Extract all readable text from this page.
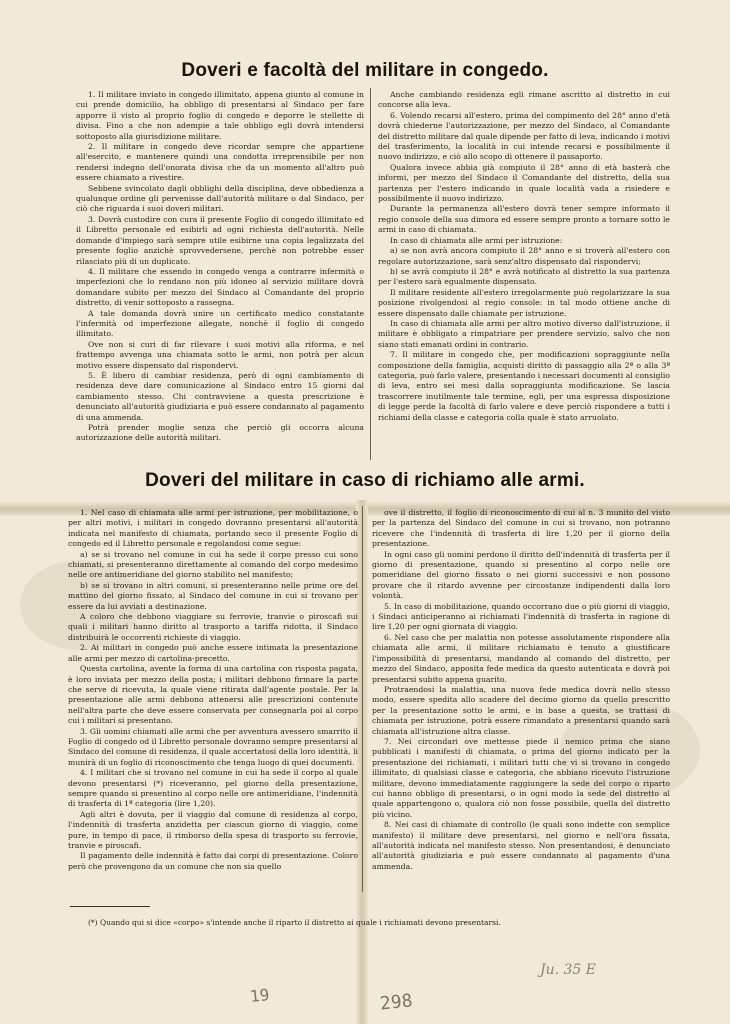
Doveri e facoltà del militare in congedo.

1. Il militare inviato in congedo illimitato, appena giunto al comune in cui prende domicilio, ha obbligo di presentarsi al Sindaco per fare apporre il visto al proprio foglio di congedo e deporre le stellette di divisa. Fino a che non adempie a tale obbligo egli dovrà intendersi sottoposto alla giurisdizione militare.

2. Il militare in congedo deve ricordar sempre che appartiene all'esercito, e mantenere quindi una condotta irreprensibile per non rendersi indegno dell'onorata divisa che da un momento all'altro può essere chiamato a rivestire.

Sebbene svincolato dagli obblighi della disciplina, deve obbedienza a qualunque ordine gli pervenisse dall'autorità militare o dal Sindaco, per ciò che riguarda i suoi doveri militari.

3. Dovrà custodire con cura il presente Foglio di congedo illimitato ed il Libretto personale ed esibirli ad ogni richiesta dell'autorità. Nelle domande d'impiego sarà sempre utile esibirne una copia legalizzata del presente foglio anzichè sprovvedersene, perchè non potrebbe esser rilasciato più di un duplicato.

4. Il militare che essendo in congedo venga a contrarre infermità o imperfezioni che lo rendano non più idoneo al servizio militare dovrà domandare subito per mezzo del Sindaco al Comandante del proprio distretto, di venir sottoposto a rassegna.

A tale domanda dovrà unire un certificato medico constatante l'infermità od imperfezione allegate, nonchè il foglio di congedo illimitato.

Ove non si curi di far rilevare i suoi motivi alla riforma, e nel frattempo avvenga una chiamata sotto le armi, non potrà per alcun motivo essere dispensato dal rispondervi.

5. È libero di cambiar residenza, però di ogni cambiamento di residenza deve dare comunicazione al Sindaco entro 15 giorni dal cambiamento stesso. Chi contravviene a questa prescrizione è denunciato all'autorità giudiziaria e può essere condannato al pagamento di una ammenda.

Potrà prender moglie senza che perciò gli occorra alcuna autorizzazione delle autorità militari.

Anche cambiando residenza egli rimane ascritto al distretto in cui concorse alla leva.

6. Volendo recarsi all'estero, prima del compimento del 28° anno d'età dovrà chiederne l'autorizzazione, per mezzo del Sindaco, al Comandante del distretto militare dal quale dipende per fatto di leva, indicando i motivi del trasferimento, la località in cui intende recarsi e possibilmente il nuovo indirizzo, e ciò allo scopo di ottenere il passaporto.

Qualora invece abbia già compiuto il 28° anno di età basterà che informi, per mezzo del Sindaco il Comandante del distretto, della sua partenza per l'estero indicando in quale località vada a risiedere e possibilmente il nuovo indirizzo.

Durante la permanenza all'estero dovrà tener sempre informato il regio console della sua dimora ed essere sempre pronto a tornare sotto le armi in caso di chiamata.

In caso di chiamata alle armi per istruzione:

a) se non avrà ancora compiuto il 28° anno e si troverà all'estero con regolare autorizzazione, sarà senz'altro dispensato dal rispondervi;

b) se avrà compiuto il 28° e avrà notificato al distretto la sua partenza per l'estero sarà egualmente dispensato.

Il militare residente all'estero irregolarmente può regolarizzare la sua posizione rivolgendosi al regio console: in tal modo ottiene anche di essere dispensato dalle chiamate per istruzione.

In caso di chiamata alle armi per altro motivo diverso dall'istruzione, il militare è obbligato a rimpatriare per prendere servizio, salvo che non siano stati emanati ordini in contrario.

7. Il militare in congedo che, per modificazioni sopraggiunte nella composizione della famiglia, acquisti diritto di passaggio alla 2ª o alla 3ª categoria, può farlo valere, presentando i necessari documenti al consiglio di leva, entro sei mesi dalla sopraggiunta modificazione. Se lascia trascorrere inutilmente tale termine, egli, per una espressa disposizione di legge perde la facoltà di farlo valere e deve perciò rispondere a tutti i richiami della classe e categoria colla quale è stato arruolato.

Doveri del militare in caso di richiamo alle armi.

1. Nel caso di chiamata alle armi per istruzione, per mobilitazione, o per altri motivi, i militari in congedo dovranno presentarsi all'autorità indicata nel manifesto di chiamata, portando seco il presente Foglio di congedo ed il Libretto personale e regolandosi come segue:

a) se si trovano nel comune in cui ha sede il corpo presso cui sono chiamati, si presenteranno direttamente al comando del corpo medesimo nelle ore antimeridiane del giorno stabilito nel manifesto;

b) se si trovano in altri comuni, si presenteranno nelle prime ore del mattino del giorno fissato, al Sindaco del comune in cui si trovano per essere da lui avviati a destinazione.

A coloro che debbono viaggiare su ferrovie, tranvie o piroscafi sui quali i militari hanno diritto al trasporto a tariffa ridotta, il Sindaco distribuirà le occorrenti richieste di viaggio.

2. Ai militari in congedo può anche essere intimata la presentazione alle armi per mezzo di cartolina-precetto.

Questa cartolina, avente la forma di una cartolina con risposta pagata, è loro inviata per mezzo della posta; i militari debbono firmare la parte che serve di ricevuta, la quale viene ritirata dall'agente postale. Per la presentazione alle armi debbono attenersi alle prescrizioni contenute nell'altra parte che deve essere conservata per consegnarla poi al corpo cui i militari si presentano.

3. Gli uomini chiamati alle armi che per avventura avessero smarrito il Foglio di congedo od il Libretto personale dovranno sempre presentarsi al Sindaco del comune di residenza, il quale accertatosi della loro identità, li munirà di un foglio di riconoscimento che tenga luogo di quei documenti.

4. I militari che si trovano nel comune in cui ha sede il corpo al quale devono presentarsi (*) riceveranno, pel giorno della presentazione, sempre quando si presentino al corpo nelle ore antimeridiane, l'indennità di trasferta di 1ª categoria (lire 1,20).

Agli altri è dovuta, per il viaggio dal comune di residenza al corpo, l'indennità di trasferta anzidetta per ciascun giorno di viaggio, come pure, in tempo di pace, il rimborso della spesa di trasporto su ferrovie, tranvie e piroscafi.

Il pagamento delle indennità è fatto dai corpi di presentazione. Coloro però che provengono da un comune che non sia quello

ove il distretto, il foglio di riconoscimento di cui al n. 3 munito del visto per la partenza del Sindaco del comune in cui si trovano, non potranno ricevere che l'indennità di trasferta di lire 1,20 per il giorno della presentazione.

In ogni caso gli uomini perdono il diritto dell'indennità di trasferta per il giorno di presentazione, quando si presentino al corpo nelle ore pomeridiane del giorno fissato o nei giorni successivi e non possono provare che il ritardo avvenne per circostanze indipendenti dalla loro volontà.

5. In caso di mobilitazione, quando occorrano due o più giorni di viaggio, i Sindaci anticiperanno ai richiamati l'indennità di trasferta in ragione di lire 1,20 per ogni giornata di viaggio.

6. Nel caso che per malattia non potesse assolutamente rispondere alla chiamata alle armi, il militare richiamato è tenuto a giustificare l'impossibilità di presentarsi, mandando al comando del distretto, per mezzo del Sindaco, apposita fede medica da questo autenticata e dovrà poi presentarsi subito appena guarito.

Protraendosi la malattia, una nuova fede medica dovrà nello stesso modo, essere spedita allo scadere del decimo giorno da quello prescritto per la presentazione sotto le armi, e in base a questa, se trattasi di chiamata per istruzione, potrà essere rimandato a presentarsi quando sarà chiamata all'istruzione altra classe.

7. Nei circondari ove mettesse piede il nemico prima che siano pubblicati i manifesti di chiamata, o prima del giorno indicato per la presentazione dei richiamati, i militari tutti che vi si trovano in congedo illimitato, di qualsiasi classe e categoria, che abbiano ricevuto l'istruzione militare, devono immediatamente raggiungere la sede del corpo o riparto cui hanno obbligo di presentarsi, o in ogni modo la sede del distretto al quale appartengono o, qualora ciò non fosse possibile, quella del distretto più vicino.

8. Nei casi di chiamate di controllo (le quali sono indette con semplice manifesto) il militare deve presentarsi, nel giorno e nell'ora fissata, all'autorità indicata nel manifesto stesso. Non presentandosi, è denunciato all'autorità giudiziaria e può essere condannato al pagamento d'una ammenda.

(*) Quando qui si dice «corpo» s'intende anche il riparto il distretto ai quale i richiamati devono presentarsi.
19	298
Ju. 35 E
